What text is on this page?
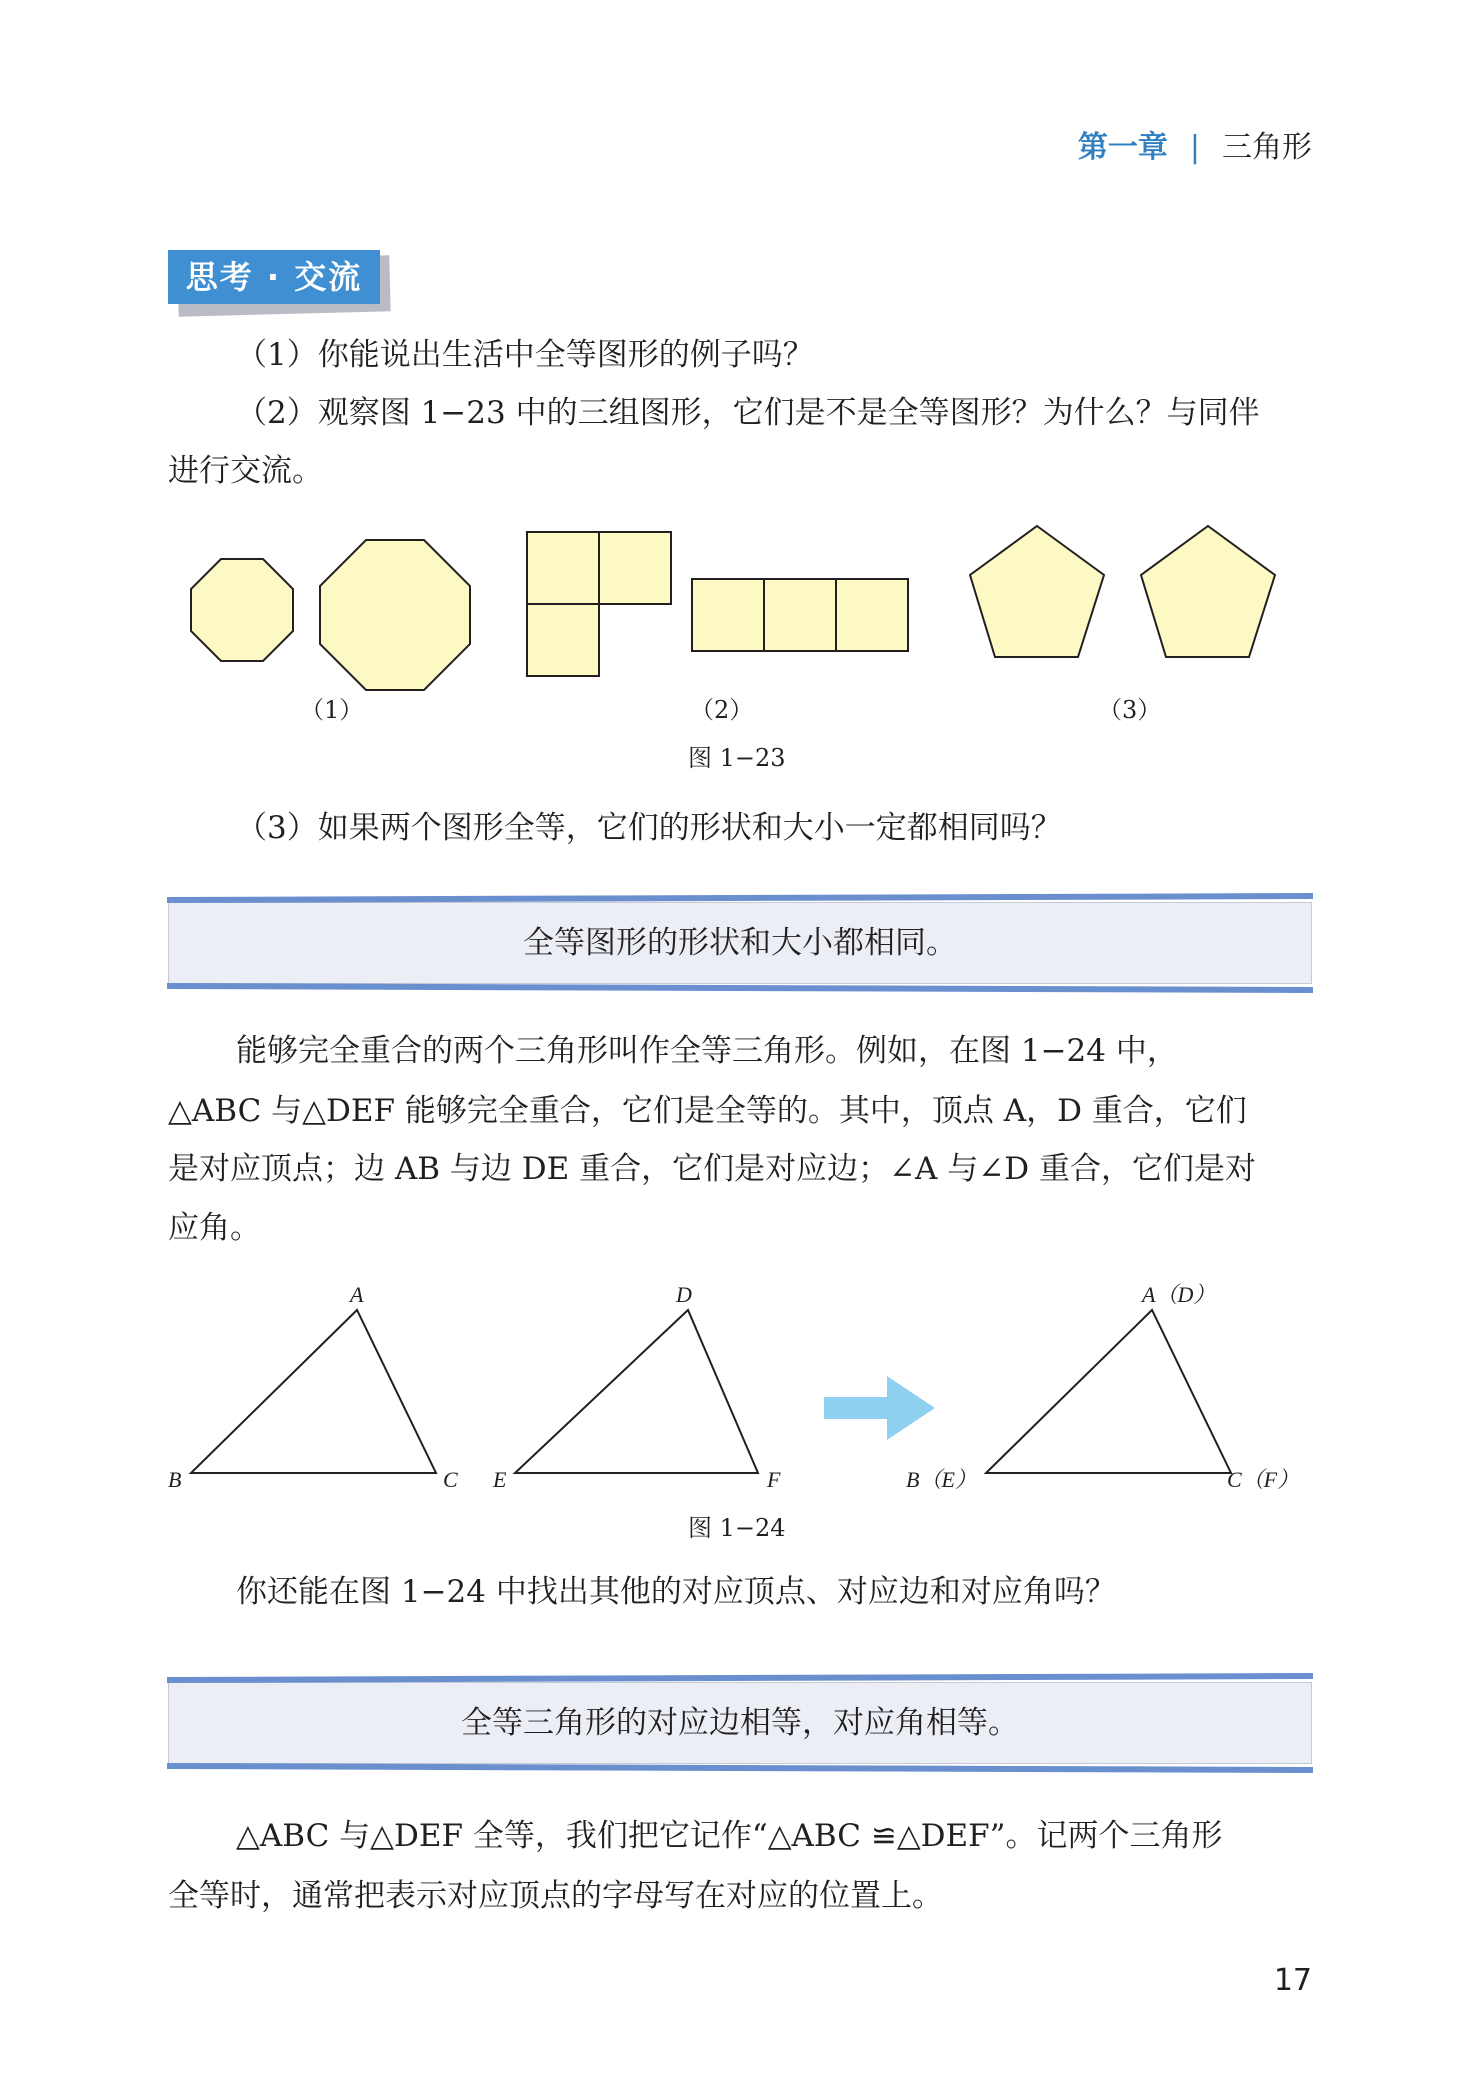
第一章 | 三角形
思考 · 交流
（1）你能说出生活中全等图形的例子吗？
（2）观察图 1−23 中的三组图形，它们是不是全等图形？为什么？与同伴
进行交流。
（1）	（2）	（3）
图 1−23
（3）如果两个图形全等，它们的形状和大小一定都相同吗？
全等图形的形状和大小都相同。
能够完全重合的两个三角形叫作全等三角形。例如，在图 1−24 中，
△ABC 与△DEF 能够完全重合，它们是全等的。其中，顶点 A，D 重合，它们
是对应顶点；边 AB 与边 DE 重合，它们是对应边；∠A 与∠D 重合，它们是对
应角。
A
B	C
D
E	F
A（D）
B（E）	C（F）
图 1−24
你还能在图 1−24 中找出其他的对应顶点、对应边和对应角吗？
全等三角形的对应边相等，对应角相等。
△ABC 与△DEF 全等，我们把它记作“△ABC ≌△DEF”。记两个三角形
全等时，通常把表示对应顶点的字母写在对应的位置上。
17
